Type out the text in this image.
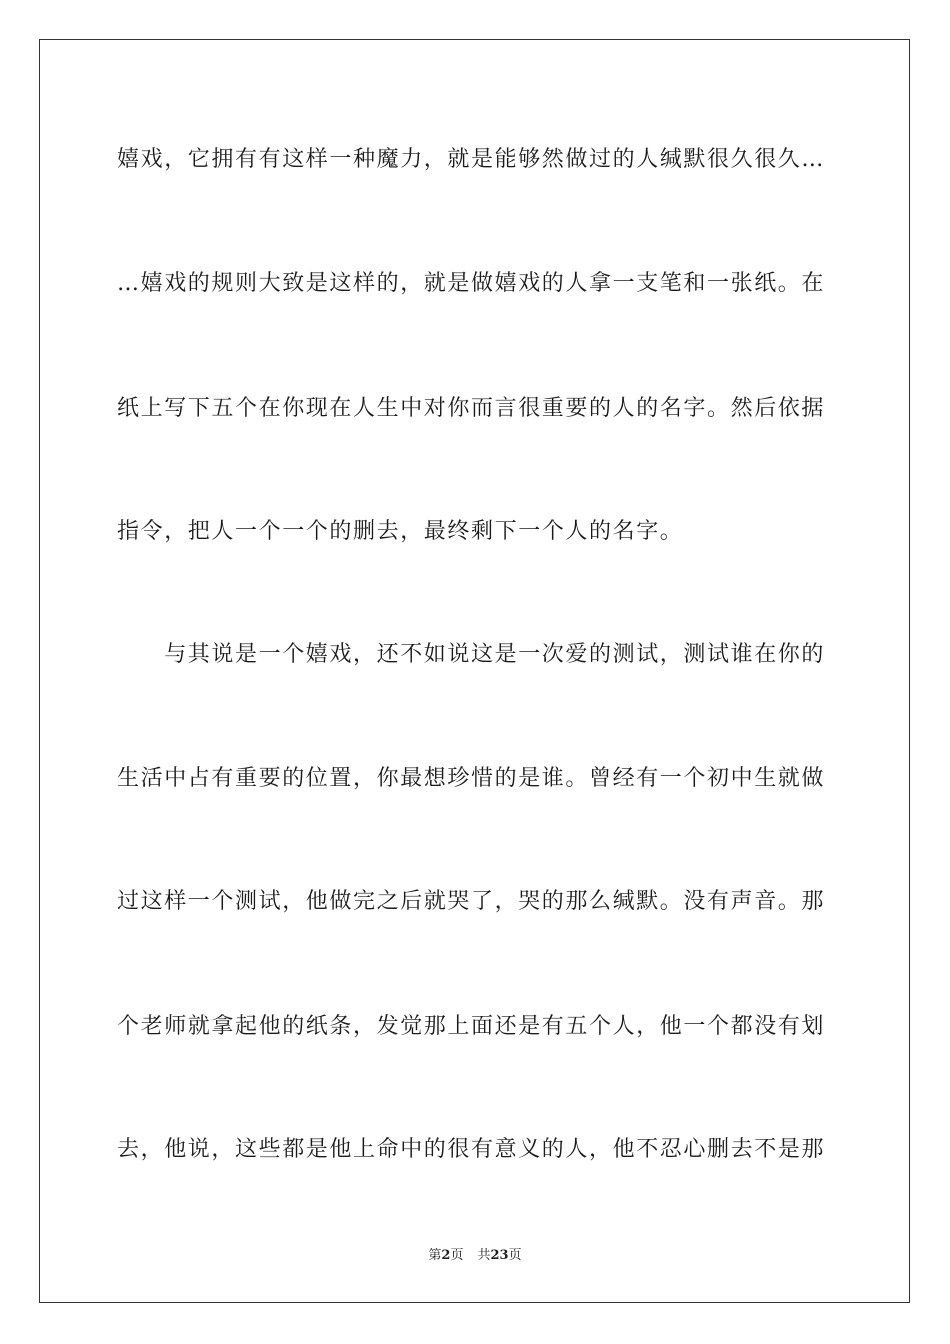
嬉戏，它拥有有这样一种魔力，就是能够然做过的人缄默很久很久…
…嬉戏的规则大致是这样的，就是做嬉戏的人拿一支笔和一张纸。在
纸上写下五个在你现在人生中对你而言很重要的人的名字。然后依据
指令，把人一个一个的删去，最终剩下一个人的名字。
　　与其说是一个嬉戏，还不如说这是一次爱的测试，测试谁在你的
生活中占有重要的位置，你最想珍惜的是谁。曾经有一个初中生就做
过这样一个测试，他做完之后就哭了，哭的那么缄默。没有声音。那
个老师就拿起他的纸条，发觉那上面还是有五个人，他一个都没有划
去，他说，这些都是他上命中的很有意义的人，他不忍心删去不是那
第2页 共23页
